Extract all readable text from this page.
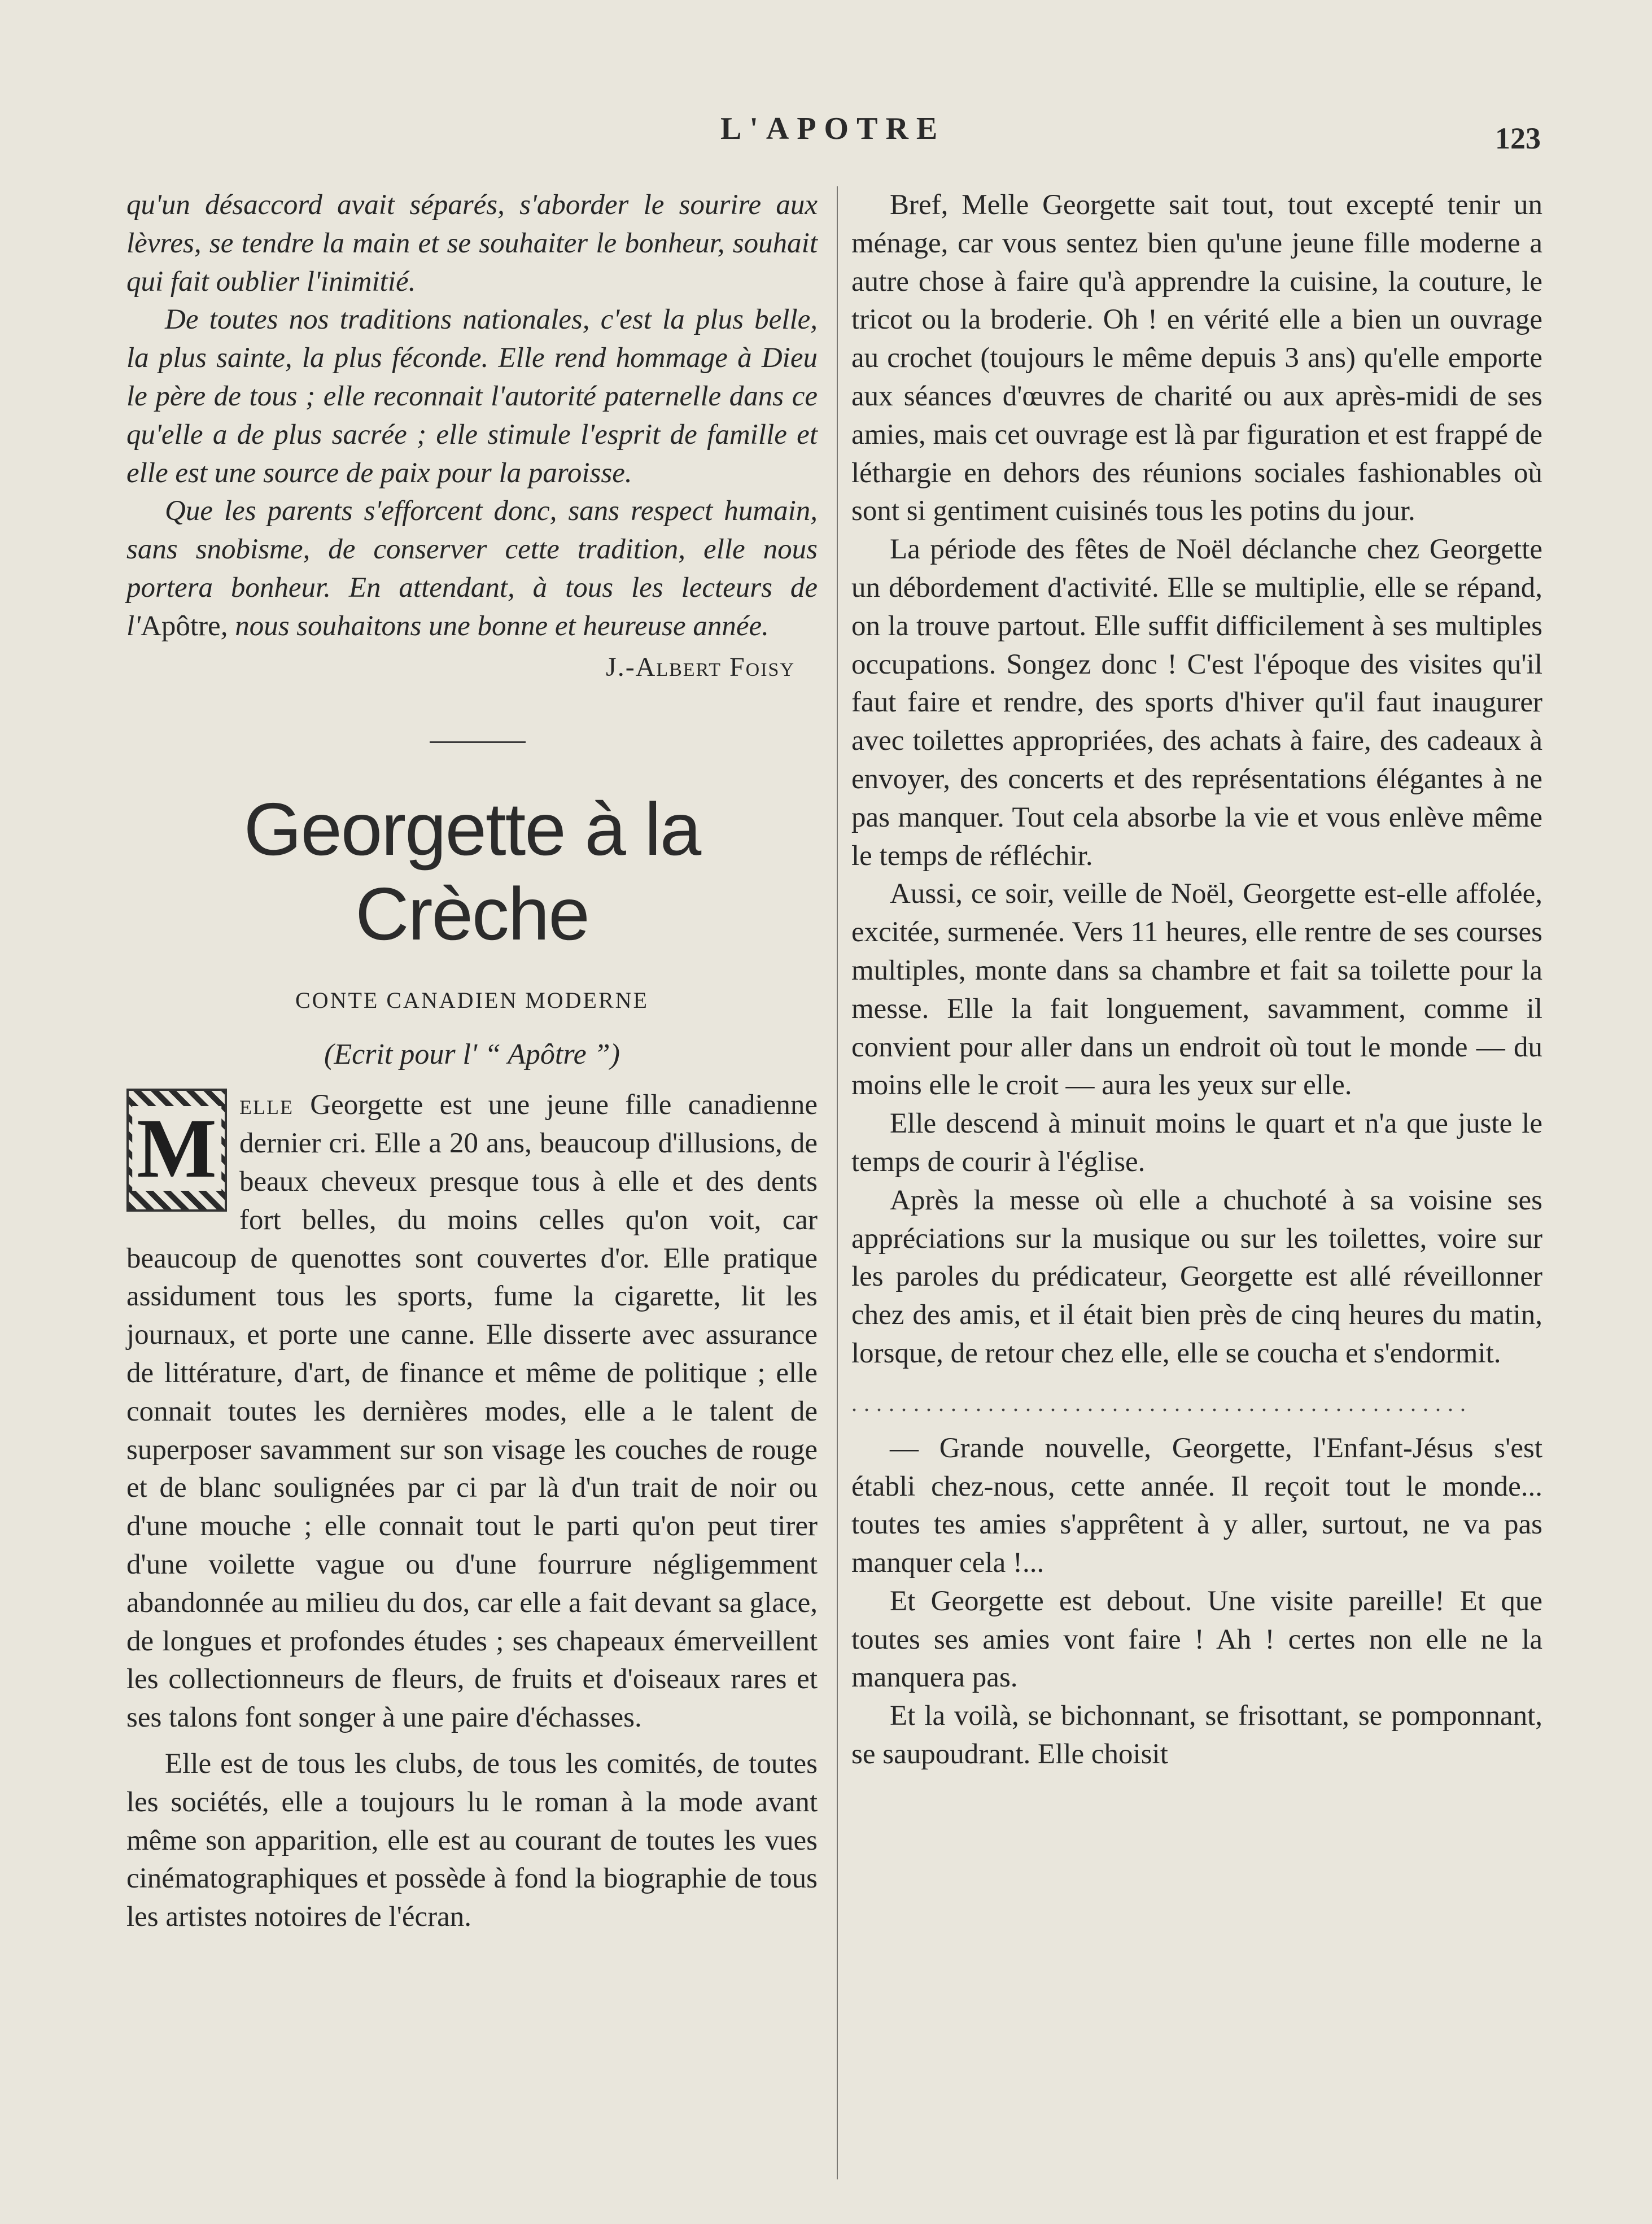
L'APOTRE	123

qu'un désaccord avait séparés, s'aborder le sourire aux lèvres, se tendre la main et se souhaiter le bonheur, souhait qui fait oublier l'inimitié.

De toutes nos traditions nationales, c'est la plus belle, la plus sainte, la plus féconde. Elle rend hommage à Dieu le père de tous ; elle reconnait l'autorité paternelle dans ce qu'elle a de plus sacrée ; elle stimule l'esprit de famille et elle est une source de paix pour la paroisse.

Que les parents s'efforcent donc, sans respect humain, sans snobisme, de conserver cette tradition, elle nous portera bonheur. En attendant, à tous les lecteurs de l'Apôtre, nous souhaitons une bonne et heureuse année.

J.-Albert Foisy

Georgette à la Crèche
CONTE CANADIEN MODERNE
(Ecrit pour l' “ Apôtre ”)
M elle Georgette est une jeune fille canadienne dernier cri. Elle a 20 ans, beaucoup d'illusions, de beaux cheveux presque tous à elle et des dents fort belles, du moins celles qu'on voit, car beaucoup de quenottes sont couvertes d'or. Elle pratique assidument tous les sports, fume la cigarette, lit les journaux, et porte une canne. Elle disserte avec assurance de littérature, d'art, de finance et même de politique ; elle connait toutes les dernières modes, elle a le talent de superposer savamment sur son visage les couches de rouge et de blanc soulignées par ci par là d'un trait de noir ou d'une mouche ; elle connait tout le parti qu'on peut tirer d'une voilette vague ou d'une fourrure négligemment abandonnée au milieu du dos, car elle a fait devant sa glace, de longues et profondes études ; ses chapeaux émerveillent les collectionneurs de fleurs, de fruits et d'oiseaux rares et ses talons font songer à une paire d'échasses.

Elle est de tous les clubs, de tous les comités, de toutes les sociétés, elle a toujours lu le roman à la mode avant même son apparition, elle est au courant de toutes les vues cinématographiques et possède à fond la biographie de tous les artistes notoires de l'écran.

Bref, Melle Georgette sait tout, tout excepté tenir un ménage, car vous sentez bien qu'une jeune fille moderne a autre chose à faire qu'à apprendre la cuisine, la couture, le tricot ou la broderie. Oh ! en vérité elle a bien un ouvrage au crochet (toujours le même depuis 3 ans) qu'elle emporte aux séances d'œuvres de charité ou aux après-midi de ses amies, mais cet ouvrage est là par figuration et est frappé de léthargie en dehors des réunions sociales fashionables où sont si gentiment cuisinés tous les potins du jour.

La période des fêtes de Noël déclanche chez Georgette un débordement d'activité. Elle se multiplie, elle se répand, on la trouve partout. Elle suffit difficilement à ses multiples occupations. Songez donc ! C'est l'époque des visites qu'il faut faire et rendre, des sports d'hiver qu'il faut inaugurer avec toilettes appropriées, des achats à faire, des cadeaux à envoyer, des concerts et des représentations élégantes à ne pas manquer. Tout cela absorbe la vie et vous enlève même le temps de réfléchir.

Aussi, ce soir, veille de Noël, Georgette est-elle affolée, excitée, surmenée. Vers 11 heures, elle rentre de ses courses multiples, monte dans sa chambre et fait sa toilette pour la messe. Elle la fait longuement, savamment, comme il convient pour aller dans un endroit où tout le monde — du moins elle le croit — aura les yeux sur elle.

Elle descend à minuit moins le quart et n'a que juste le temps de courir à l'église.

Après la messe où elle a chuchoté à sa voisine ses appréciations sur la musique ou sur les toilettes, voire sur les paroles du prédicateur, Georgette est allé réveillonner chez des amis, et il était bien près de cinq heures du matin, lorsque, de retour chez elle, elle se coucha et s'endormit.

..................................................

— Grande nouvelle, Georgette, l'Enfant-Jésus s'est établi chez-nous, cette année. Il reçoit tout le monde... toutes tes amies s'apprêtent à y aller, surtout, ne va pas manquer cela !...

Et Georgette est debout. Une visite pareille! Et que toutes ses amies vont faire ! Ah ! certes non elle ne la manquera pas.

Et la voilà, se bichonnant, se frisottant, se pomponnant, se saupoudrant. Elle choisit
